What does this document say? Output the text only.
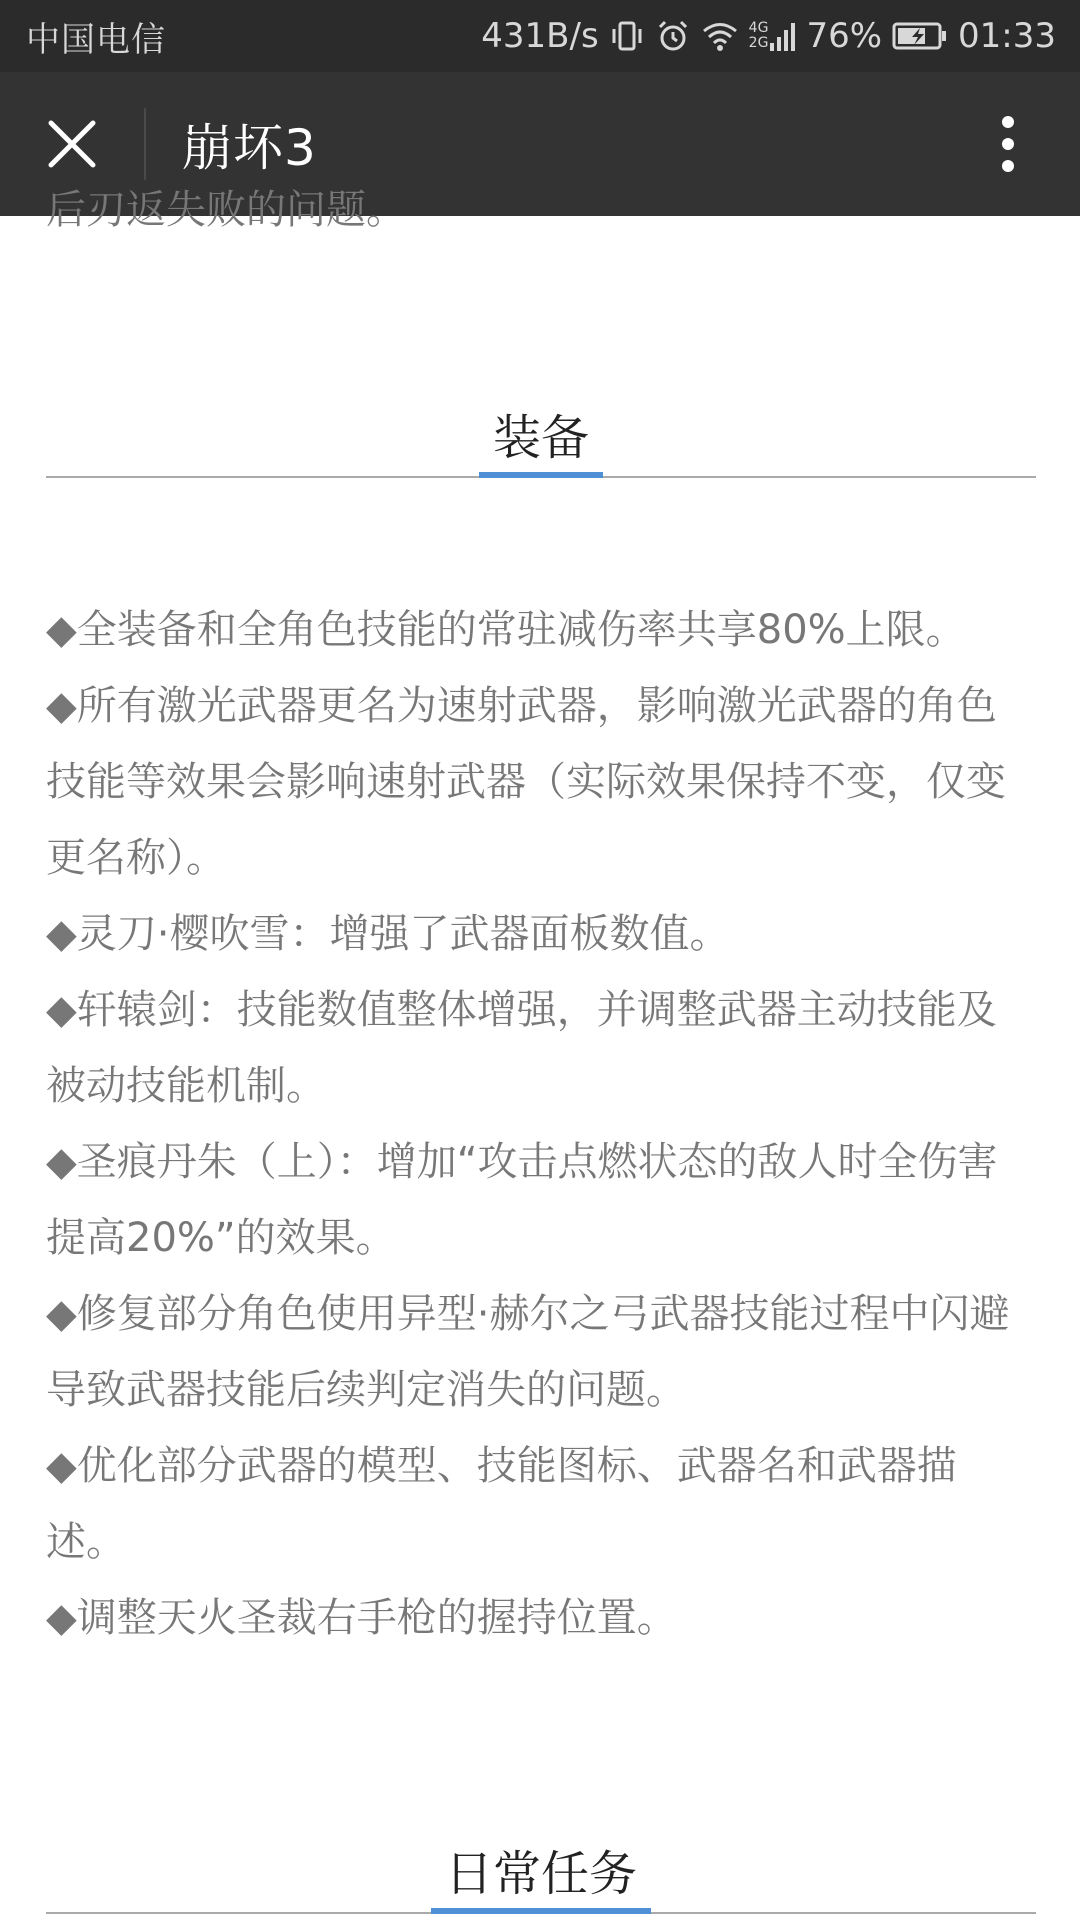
中国电信	431B/s	4G
2G 76% 01:33
崩坏3

后刃返失败的问题。

装备
◆全装备和全角色技能的常驻减伤率共享80%上限。
◆所有激光武器更名为速射武器，影响激光武器的角色技能等效果会影响速射武器（实际效果保持不变，仅变更名称）。
◆灵刀·樱吹雪：增强了武器面板数值。
◆轩辕剑：技能数值整体增强，并调整武器主动技能及被动技能机制。
◆圣痕丹朱（上）：增加“攻击点燃状态的敌人时全伤害提高20%”的效果。
◆修复部分角色使用异型·赫尔之弓武器技能过程中闪避导致武器技能后续判定消失的问题。
◆优化部分武器的模型、技能图标、武器名和武器描述。
◆调整天火圣裁右手枪的握持位置。
日常任务
